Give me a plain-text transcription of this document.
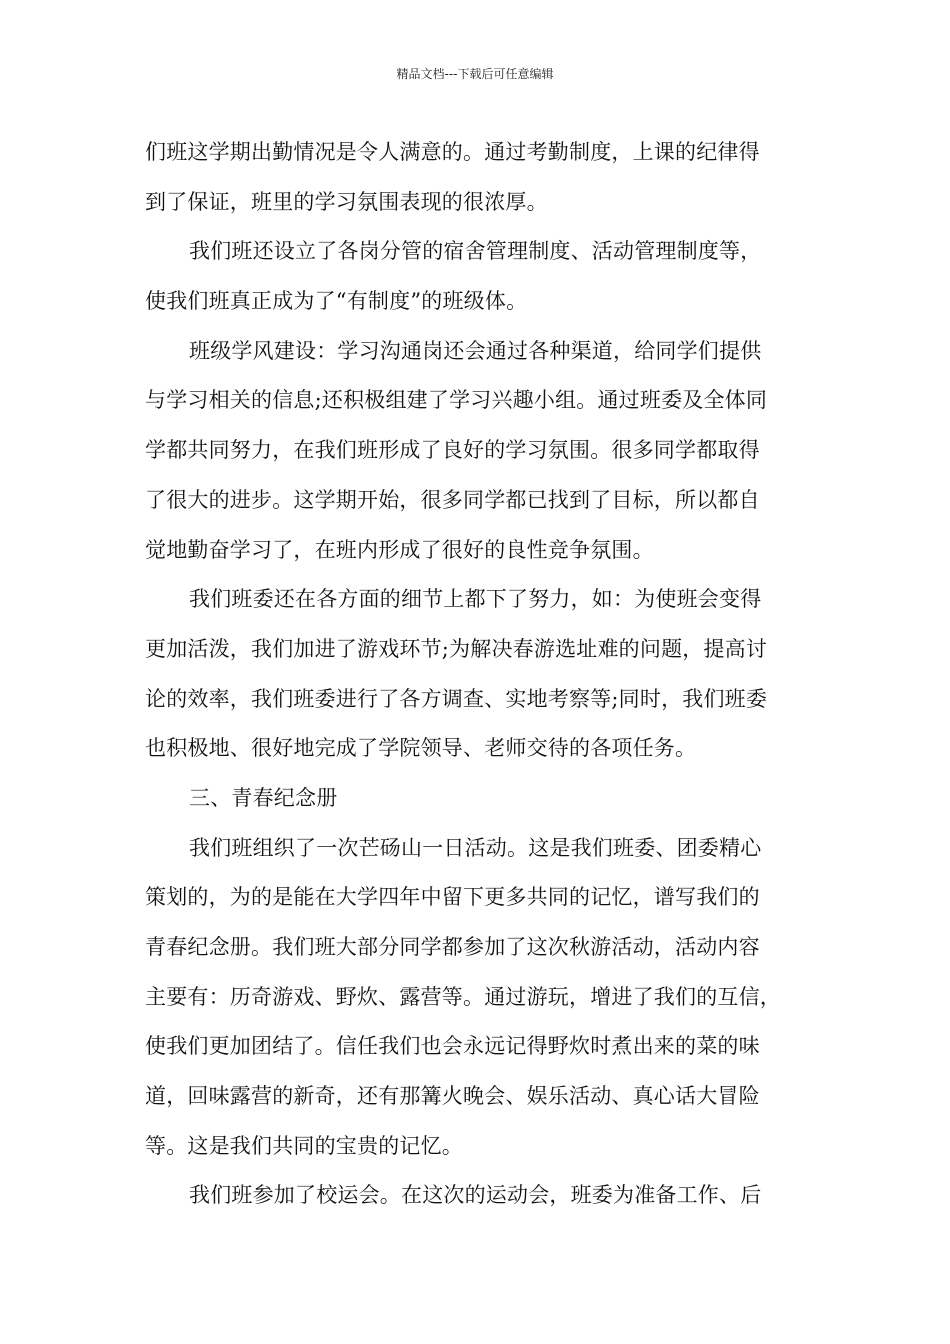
精品文档---下载后可任意编辑
们班这学期出勤情况是令人满意的。通过考勤制度，上课的纪律得
到了保证，班里的学习氛围表现的很浓厚。
我们班还设立了各岗分管的宿舍管理制度、活动管理制度等，
使我们班真正成为了“有制度”的班级体。
班级学风建设：学习沟通岗还会通过各种渠道，给同学们提供
与学习相关的信息;还积极组建了学习兴趣小组。通过班委及全体同
学都共同努力，在我们班形成了良好的学习氛围。很多同学都取得
了很大的进步。这学期开始，很多同学都已找到了目标，所以都自
觉地勤奋学习了，在班内形成了很好的良性竞争氛围。
我们班委还在各方面的细节上都下了努力，如：为使班会变得
更加活泼，我们加进了游戏环节;为解决春游选址难的问题，提高讨
论的效率，我们班委进行了各方调查、实地考察等;同时，我们班委
也积极地、很好地完成了学院领导、老师交待的各项任务。
三、青春纪念册
我们班组织了一次芒砀山一日活动。这是我们班委、团委精心
策划的，为的是能在大学四年中留下更多共同的记忆，谱写我们的
青春纪念册。我们班大部分同学都参加了这次秋游活动，活动内容
主要有：历奇游戏、野炊、露营等。通过游玩，增进了我们的互信，
使我们更加团结了。信任我们也会永远记得野炊时煮出来的菜的味
道，回味露营的新奇，还有那篝火晚会、娱乐活动、真心话大冒险
等。这是我们共同的宝贵的记忆。
我们班参加了校运会。在这次的运动会，班委为准备工作、后
